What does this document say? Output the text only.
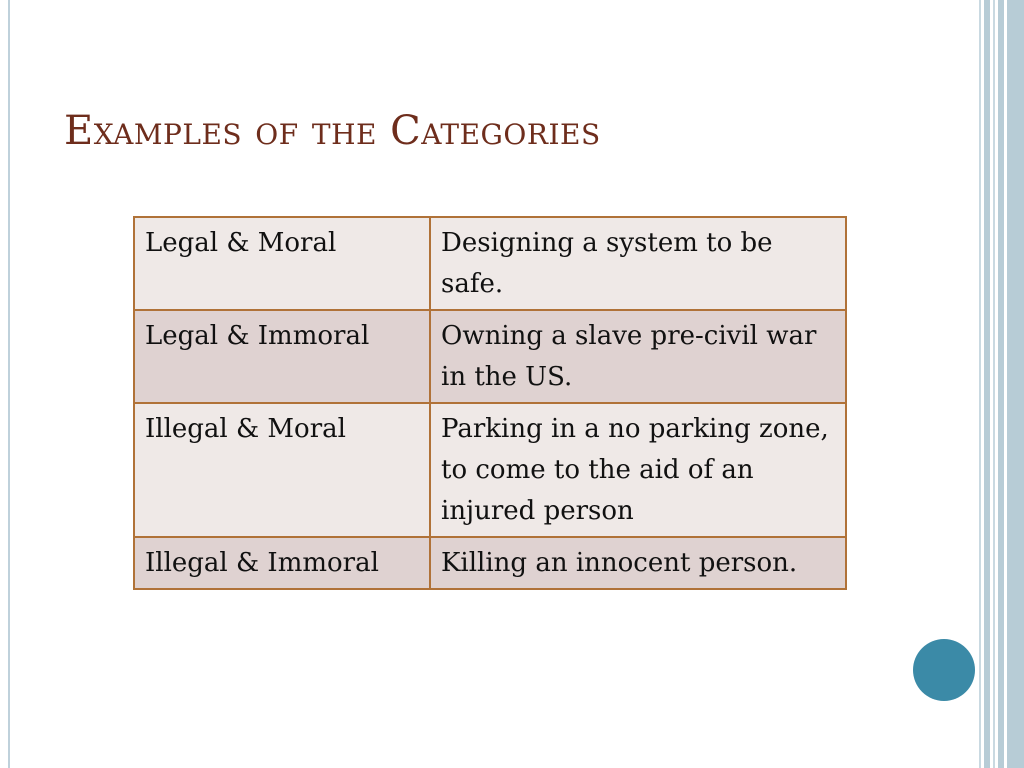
Examples of the Categories
Legal & Moral	Designing a system to be safe.
Legal & Immoral	Owning a slave pre-civil war in the US.
Illegal & Moral	Parking in a no parking zone, to come to the aid of an injured person
Illegal & Immoral	Killing an innocent person.
